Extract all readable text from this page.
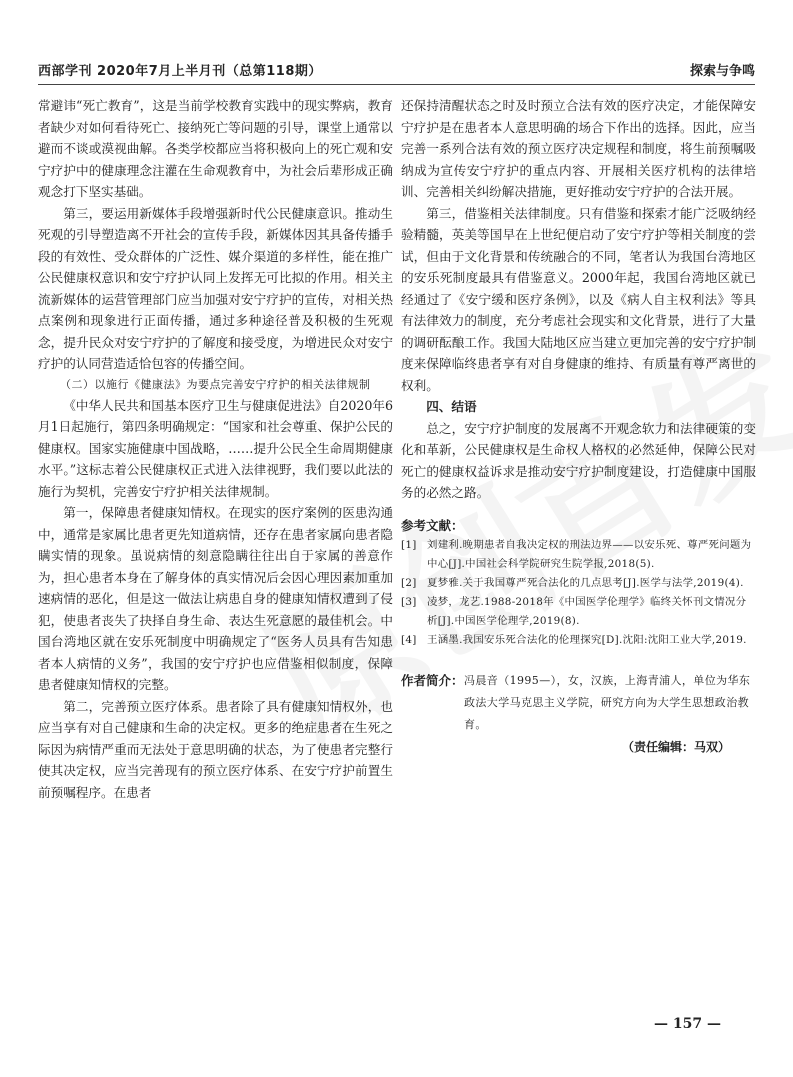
西部学刊 2020年7月上半月刊（总第118期）	探索与争鸣

常避讳“死亡教育”，这是当前学校教育实践中的现实弊病，教育者缺少对如何看待死亡、接纳死亡等问题的引导，课堂上通常以避而不谈或漠视曲解。各类学校都应当将积极向上的死亡观和安宁疗护中的健康理念注灌在生命观教育中，为社会后辈形成正确观念打下坚实基础。

第三，要运用新媒体手段增强新时代公民健康意识。推动生死观的引导塑造离不开社会的宣传手段，新媒体因其具备传播手段的有效性、受众群体的广泛性、媒介渠道的多样性，能在推广公民健康权意识和安宁疗护认同上发挥无可比拟的作用。相关主流新媒体的运营管理部门应当加强对安宁疗护的宣传，对相关热点案例和现象进行正面传播，通过多种途径普及积极的生死观念，提升民众对安宁疗护的了解度和接受度，为增进民众对安宁疗护的认同营造适恰包容的传播空间。

（二）以施行《健康法》为要点完善安宁疗护的相关法律规制

《中华人民共和国基本医疗卫生与健康促进法》自2020年6月1日起施行，第四条明确规定：“国家和社会尊重、保护公民的健康权。国家实施健康中国战略，……提升公民全生命周期健康水平。”这标志着公民健康权正式进入法律视野，我们要以此法的施行为契机，完善安宁疗护相关法律规制。

第一，保障患者健康知情权。在现实的医疗案例的医患沟通中，通常是家属比患者更先知道病情，还存在患者家属向患者隐瞒实情的现象。虽说病情的刻意隐瞒往往出自于家属的善意作为，担心患者本身在了解身体的真实情况后会因心理因素加重加速病情的恶化，但是这一做法让病患自身的健康知情权遭到了侵犯，使患者丧失了抉择自身生命、表达生死意愿的最佳机会。中国台湾地区就在安乐死制度中明确规定了“医务人员具有告知患者本人病情的义务”，我国的安宁疗护也应借鉴相似制度，保障患者健康知情权的完整。

第二，完善预立医疗体系。患者除了具有健康知情权外，也应当享有对自己健康和生命的决定权。更多的绝症患者在生死之际因为病情严重而无法处于意思明确的状态，为了使患者完整行使其决定权，应当完善现有的预立医疗体系、在安宁疗护前置生前预嘱程序。在患者

还保持清醒状态之时及时预立合法有效的医疗决定，才能保障安宁疗护是在患者本人意思明确的场合下作出的选择。因此，应当完善一系列合法有效的预立医疗决定规程和制度，将生前预嘱吸纳成为宣传安宁疗护的重点内容、开展相关医疗机构的法律培训、完善相关纠纷解决措施，更好推动安宁疗护的合法开展。

第三，借鉴相关法律制度。只有借鉴和探索才能广泛吸纳经验精髓，英美等国早在上世纪便启动了安宁疗护等相关制度的尝试，但由于文化背景和传统融合的不同，笔者认为我国台湾地区的安乐死制度最具有借鉴意义。2000年起，我国台湾地区就已经通过了《安宁缓和医疗条例》，以及《病人自主权利法》等具有法律效力的制度，充分考虑社会现实和文化背景，进行了大量的调研酝酿工作。我国大陆地区应当建立更加完善的安宁疗护制度来保障临终患者享有对自身健康的维持、有质量有尊严离世的权利。

四、结语

总之，安宁疗护制度的发展离不开观念软力和法律硬策的变化和革新，公民健康权是生命权人格权的必然延伸，保障公民对死亡的健康权益诉求是推动安宁疗护制度建设，打造健康中国服务的必然之路。

参考文献：

[1] 刘建利.晚期患者自我决定权的刑法边界——以安乐死、尊严死问题为中心[J].中国社会科学院研究生院学报,2018(5).

[2] 夏梦雅.关于我国尊严死合法化的几点思考[J].医学与法学,2019(4).

[3] 凌梦，龙艺.1988-2018年《中国医学伦理学》临终关怀刊文情况分析[J].中国医学伦理学,2019(8).

[4] 王涵墨.我国安乐死合法化的伦理探究[D].沈阳:沈阳工业大学,2019.

作者简介： 冯晨音（1995—），女，汉族，上海青浦人，单位为华东政法大学马克思主义学院，研究方向为大学生思想政治教育。

（责任编辑：马双）
— 157 —
